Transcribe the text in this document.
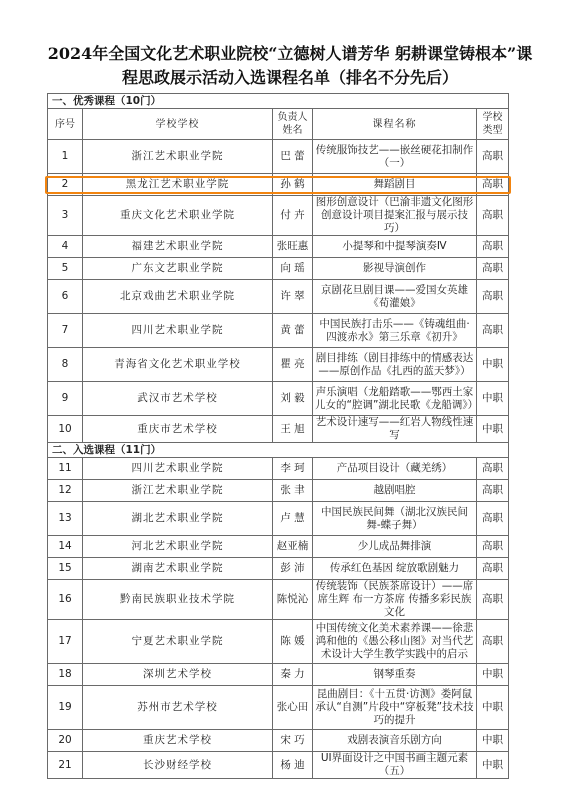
2024年全国文化艺术职业院校“立德树人谱芳华 躬耕课堂铸根本”课程思政展示活动入选课程名单（排名不分先后）
一、优秀课程（10门）				
序号	学校学校	负责人姓名	课程名称	学校类型
1	浙江艺术职业学院	巴 蕾	传统服饰技艺——嵌丝硬花扣制作（一）	高职
2	黑龙江艺术职业学院	孙 鹤	舞蹈剧目	高职
3	重庆文化艺术职业学院	付 卉	图形创意设计（巴渝非遗文化图形创意设计项目提案汇报与展示技巧）	高职
4	福建艺术职业学院	张旺惠	小提琴和中提琴演奏Ⅳ	高职
5	广东文艺职业学院	向 瑶	影视导演创作	高职
6	北京戏曲艺术职业学院	许 翠	京剧花旦剧目课——爱国女英雄《荀灌娘》	高职
7	四川艺术职业学院	黄 蕾	中国民族打击乐——《铸魂组曲·四渡赤水》第三乐章《初升》	高职
8	青海省文化艺术职业学校	瞿 亮	剧目排练（剧目排练中的情感表达——原创作品《扎西的蓝天梦》）	中职
9	武汉市艺术学校	刘 毅	声乐演唱（龙船踏歌——鄂西土家儿女的“腔调”湖北民歌《龙船调》）	中职
10	重庆市艺术学校	王 旭	艺术设计速写——红岩人物线性速写	中职
二、入选课程（11门）				
11	四川艺术职业学院	李 珂	产品项目设计（藏羌绣）	高职
12	浙江艺术职业学院	张 聿	越剧唱腔	高职
13	湖北艺术职业学院	卢 慧	中国民族民间舞（湖北汉族民间舞-蝶子舞）	高职
14	河北艺术职业学院	赵亚楠	少儿成品舞排演	高职
15	湖南艺术职业学院	彭 沛	传承红色基因 绽放歌剧魅力	高职
16	黔南民族职业技术学院	陈悦沁	传统装饰（民族茶席设计）——席席生辉 布一方茶席 传播多彩民族文化	高职
17	宁夏艺术职业学院	陈 媛	中国传统文化美术素养课——徐悲鸿和他的《愚公移山图》对当代艺术设计大学生教学实践中的启示	高职
18	深圳艺术学校	秦 力	钢琴重奏	中职
19	苏州市艺术学校	张心田	昆曲剧目：《十五贯·访测》娄阿鼠承认“自测”片段中“穿板凳”技术技巧的提升	中职
20	重庆艺术学校	宋 巧	戏剧表演音乐剧方向	中职
21	长沙财经学校	杨 迪	UI界面设计之中国书画主题元素（五）	中职
